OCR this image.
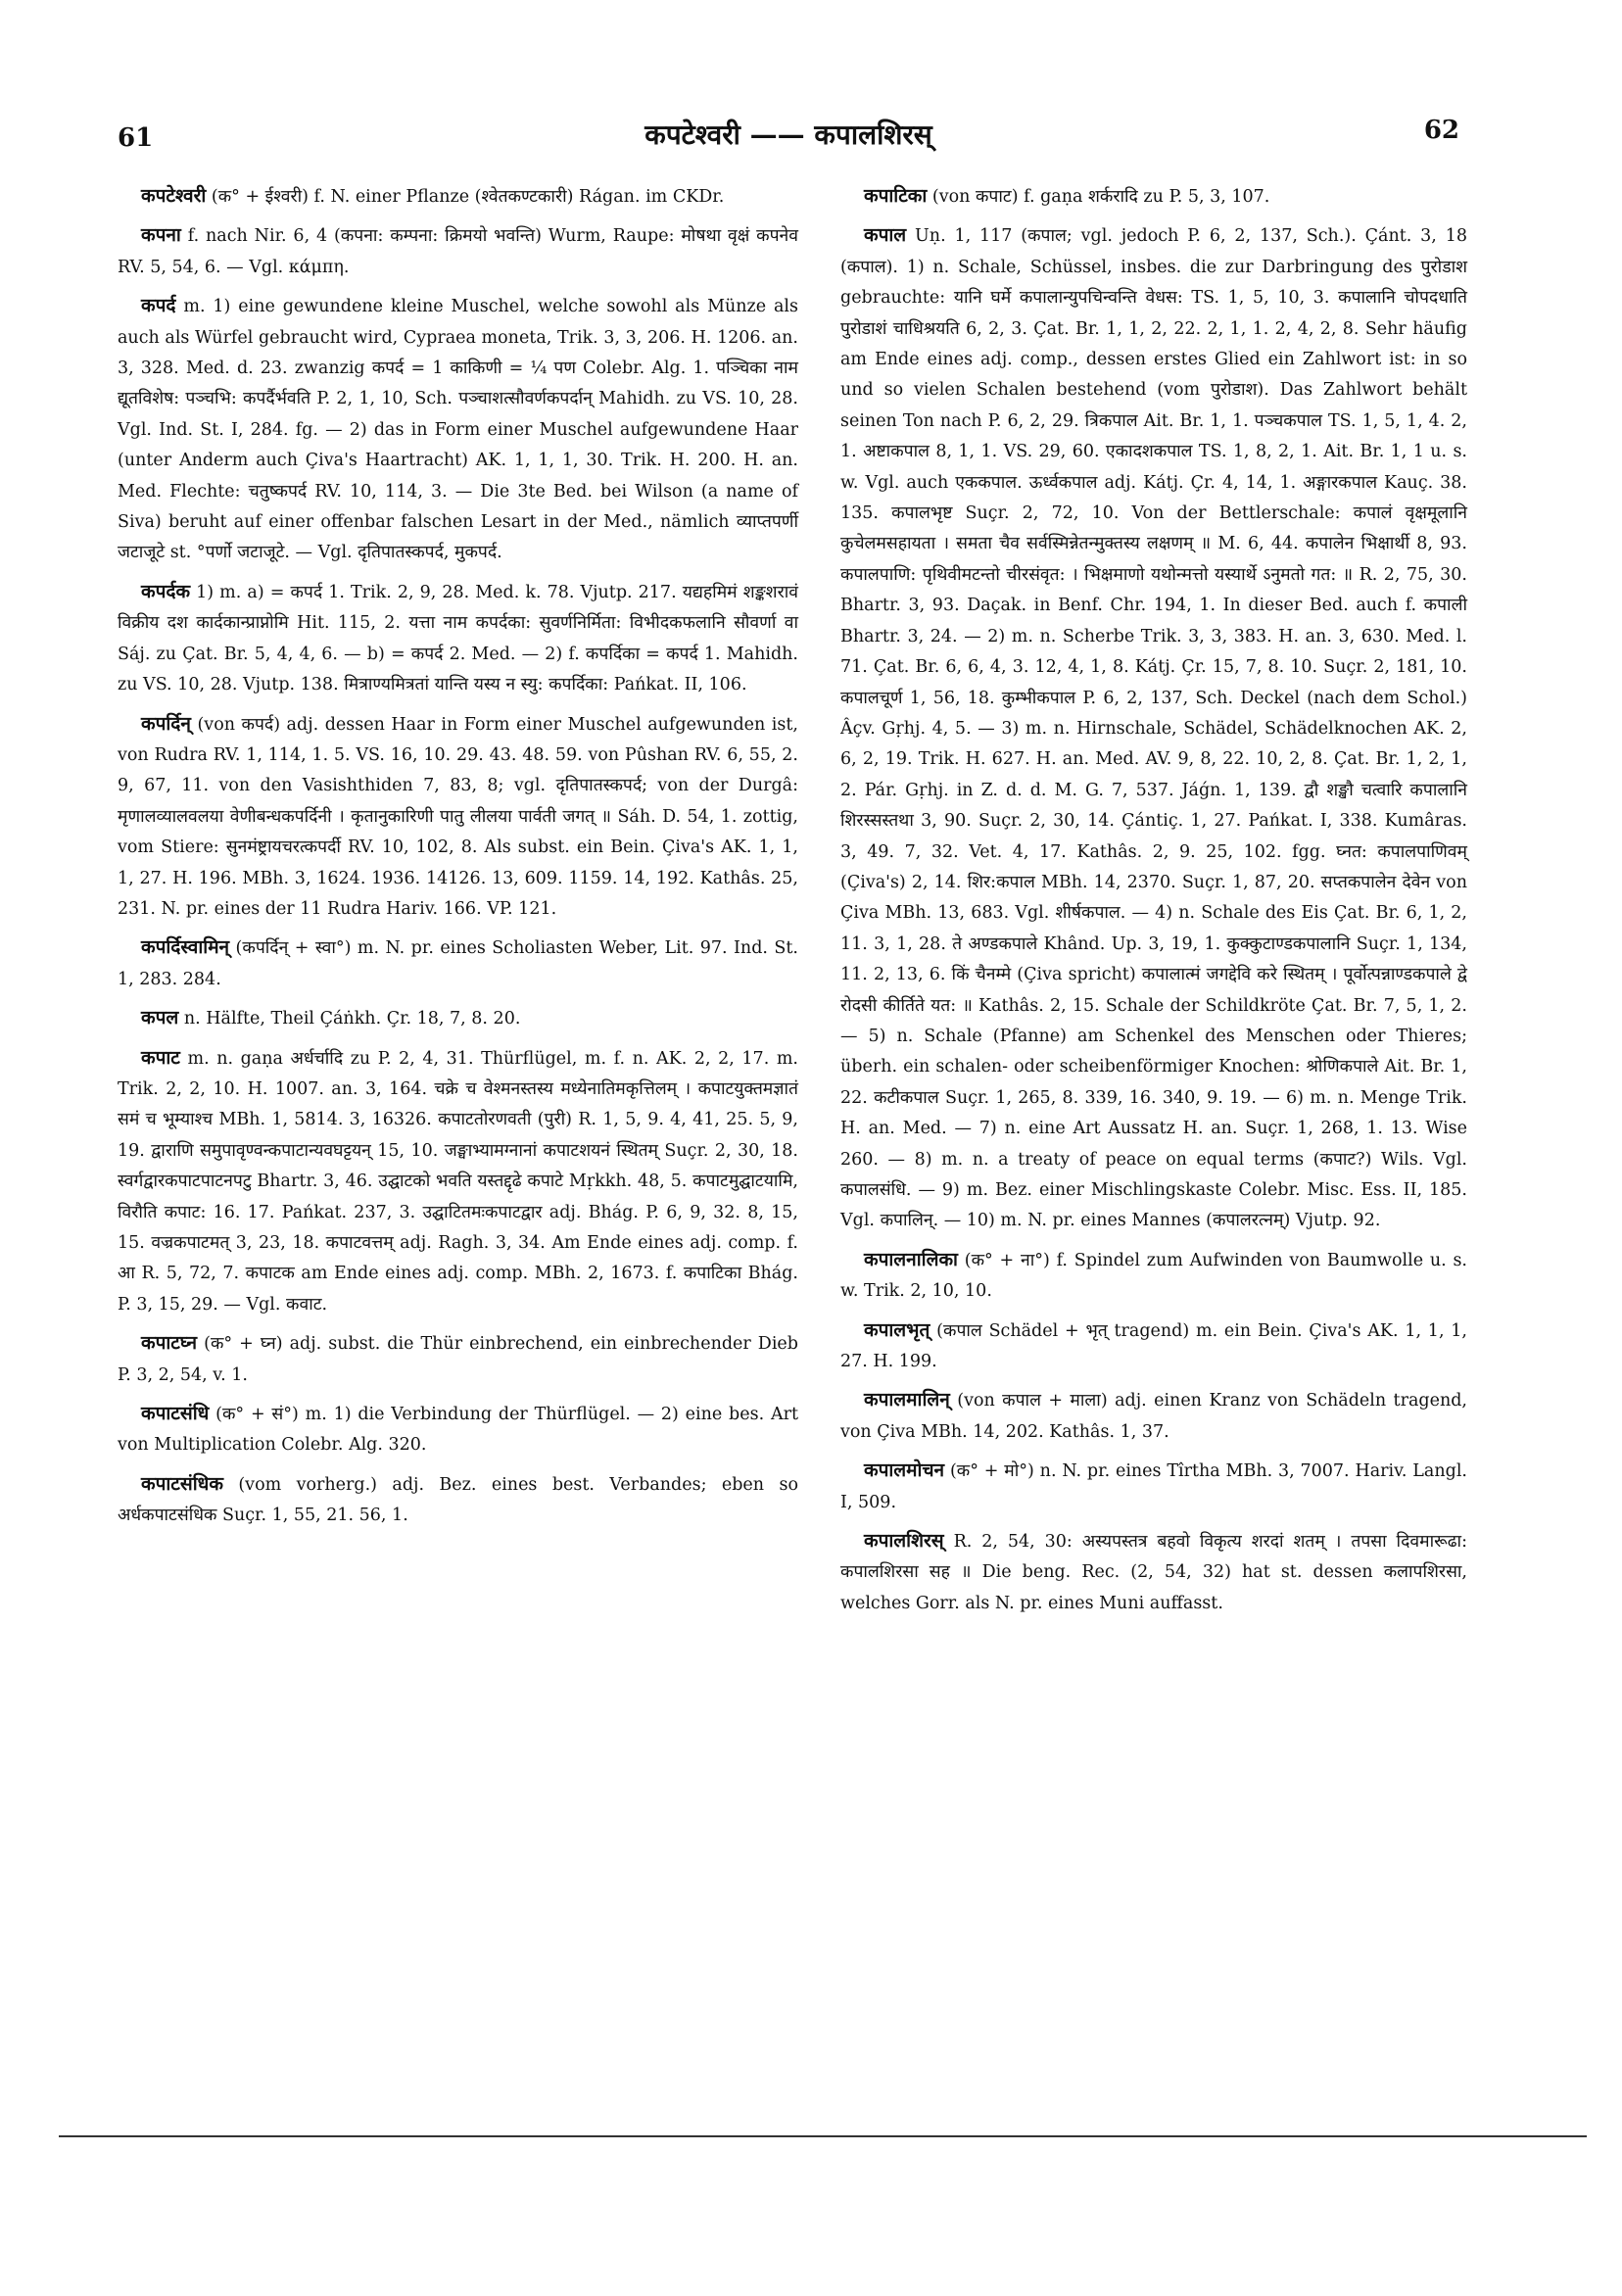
61	कपटेश्वरी —— कपालशिरस्	62

कपटेश्वरी (क° + ईश्वरी) f. N. einer Pflanze (श्वेतकण्टकारी) Rágan. im CKDr.

कपना f. nach Nir. 6, 4 (कपना: कम्पना: क्रिमयो भवन्ति) Wurm, Raupe: मोषथा वृक्षं कपनेव RV. 5, 54, 6. — Vgl. κάμπη.

कपर्द m. 1) eine gewundene kleine Muschel, welche sowohl als Münze als auch als Würfel gebraucht wird, Cypraea moneta, Trik. 3, 3, 206. H. 1206. an. 3, 328. Med. d. 23. zwanzig कपर्द = 1 काकिणी = ¼ पण Colebr. Alg. 1. पञ्चिका नाम द्यूतविशेष: पञ्चभि: कपर्दैर्भवति P. 2, 1, 10, Sch. पञ्चाशत्सौवर्णकपर्दान् Mahidh. zu VS. 10, 28. Vgl. Ind. St. I, 284. fg. — 2) das in Form einer Muschel aufgewundene Haar (unter Anderm auch Çiva's Haartracht) AK. 1, 1, 1, 30. Trik. H. 200. H. an. Med. Flechte: चतुष्कपर्द RV. 10, 114, 3. — Die 3te Bed. bei Wilson (a name of Siva) beruht auf einer offenbar falschen Lesart in der Med., nämlich व्याप्तपर्णी जटाजूटे st. °पर्णो जटाजूटे. — Vgl. दृतिपातस्कपर्द, मुकपर्द.

कपर्दक 1) m. a) = कपर्द 1. Trik. 2, 9, 28. Med. k. 78. Vjutp. 217. यद्यहमिमं शङ्कशरावं विक्रीय दश कार्दकान्प्राप्नोमि Hit. 115, 2. यत्ता नाम कपर्दका: सुवर्णनिर्मिता: विभीदकफलानि सौवर्णा वा Sáj. zu Çat. Br. 5, 4, 4, 6. — b) = कपर्द 2. Med. — 2) f. कपर्दिका = कपर्द 1. Mahidh. zu VS. 10, 28. Vjutp. 138. मित्राण्यमित्रतां यान्ति यस्य न स्यु: कपर्दिका: Pańkat. II, 106.

कपर्दिन् (von कपर्द) adj. dessen Haar in Form einer Muschel aufgewunden ist, von Rudra RV. 1, 114, 1. 5. VS. 16, 10. 29. 43. 48. 59. von Pûshan RV. 6, 55, 2. 9, 67, 11. von den Vasishthiden 7, 83, 8; vgl. दृतिपातस्कपर्द; von der Durgâ: मृणालव्यालवलया वेणीबन्धकपर्दिनी । कृतानुकारिणी पातु लीलया पार्वती जगत् ॥ Sáh. D. 54, 1. zottig, vom Stiere: सुनमंष्ट्रायचरत्कपर्दी RV. 10, 102, 8. Als subst. ein Bein. Çiva's AK. 1, 1, 1, 27. H. 196. MBh. 3, 1624. 1936. 14126. 13, 609. 1159. 14, 192. Kathâs. 25, 231. N. pr. eines der 11 Rudra Hariv. 166. VP. 121.

कपर्दिस्वामिन् (कपर्दिन् + स्वा°) m. N. pr. eines Scholiasten Weber, Lit. 97. Ind. St. 1, 283. 284.

कपल n. Hälfte, Theil Çáṅkh. Çr. 18, 7, 8. 20.

कपाट m. n. gaṇa अर्धर्चादि zu P. 2, 4, 31. Thürflügel, m. f. n. AK. 2, 2, 17. m. Trik. 2, 2, 10. H. 1007. an. 3, 164. चक्रे च वेश्मनस्तस्य मध्येनातिमकृत्तिलम् । कपाटयुक्तमज्ञातं समं च भूम्याश्च MBh. 1, 5814. 3, 16326. कपाटतोरणवती (पुरी) R. 1, 5, 9. 4, 41, 25. 5, 9, 19. द्वाराणि समुपावृण्वन्कपाटान्यवघट्टयन् 15, 10. जङ्घाभ्यामग्नानां कपाटशयनं स्थितम् Suçr. 2, 30, 18. स्वर्गद्वारकपाटपाटनपटु Bhartr. 3, 46. उद्घाटको भवति यस्तद्दृढे कपाटे Mṛkkh. 48, 5. कपाटमुद्घाटयामि, विरौति कपाट: 16. 17. Pańkat. 237, 3. उद्घाटितमःकपाटद्वार adj. Bhág. P. 6, 9, 32. 8, 15, 15. वज्रकपाटमत् 3, 23, 18. कपाटवत्तम् adj. Ragh. 3, 34. Am Ende eines adj. comp. f. आ R. 5, 72, 7. कपाटक am Ende eines adj. comp. MBh. 2, 1673. f. कपाटिका Bhág. P. 3, 15, 29. — Vgl. कवाट.

कपाटघ्न (क° + घ्न) adj. subst. die Thür einbrechend, ein einbrechender Dieb P. 3, 2, 54, v. 1.

कपाटसंधि (क° + सं°) m. 1) die Verbindung der Thürflügel. — 2) eine bes. Art von Multiplication Colebr. Alg. 320.

कपाटसंधिक (vom vorherg.) adj. Bez. eines best. Verbandes; eben so अर्धकपाटसंधिक Suçr. 1, 55, 21. 56, 1.

कपाटिका (von कपाट) f. gaṇa शर्करादि zu P. 5, 3, 107.

कपाल Uṇ. 1, 117 (कपाल; vgl. jedoch P. 6, 2, 137, Sch.). Çánt. 3, 18 (कपाल). 1) n. Schale, Schüssel, insbes. die zur Darbringung des पुरोडाश gebrauchte: यानि घर्मे कपालान्युपचिन्वन्ति वेधस: TS. 1, 5, 10, 3. कपालानि चोपदधाति पुरोडाशं चाधिश्रयति 6, 2, 3. Çat. Br. 1, 1, 2, 22. 2, 1, 1. 2, 4, 2, 8. Sehr häufig am Ende eines adj. comp., dessen erstes Glied ein Zahlwort ist: in so und so vielen Schalen bestehend (vom पुरोडाश). Das Zahlwort behält seinen Ton nach P. 6, 2, 29. त्रिकपाल Ait. Br. 1, 1. पञ्चकपाल TS. 1, 5, 1, 4. 2, 1. अष्टाकपाल 8, 1, 1. VS. 29, 60. एकादशकपाल TS. 1, 8, 2, 1. Ait. Br. 1, 1 u. s. w. Vgl. auch एककपाल. ऊर्ध्वकपाल adj. Kátj. Çr. 4, 14, 1. अङ्गारकपाल Kauç. 38. 135. कपालभृष्ट Suçr. 2, 72, 10. Von der Bettlerschale: कपालं वृक्षमूलानि कुचेलमसहायता । समता चैव सर्वस्मिन्नेतन्मुक्तस्य लक्षणम् ॥ M. 6, 44. कपालेन भिक्षार्थी 8, 93. कपालपाणि: पृथिवीमटन्तो चीरसंवृत: । भिक्षमाणो यथोन्मत्तो यस्यार्थे ऽनुमतो गत: ॥ R. 2, 75, 30. Bhartr. 3, 93. Daçak. in Benf. Chr. 194, 1. In dieser Bed. auch f. कपाली Bhartr. 3, 24. — 2) m. n. Scherbe Trik. 3, 3, 383. H. an. 3, 630. Med. l. 71. Çat. Br. 6, 6, 4, 3. 12, 4, 1, 8. Kátj. Çr. 15, 7, 8. 10. Suçr. 2, 181, 10. कपालचूर्ण 1, 56, 18. कुम्भीकपाल P. 6, 2, 137, Sch. Deckel (nach dem Schol.) Âçv. Gṛhj. 4, 5. — 3) m. n. Hirnschale, Schädel, Schädelknochen AK. 2, 6, 2, 19. Trik. H. 627. H. an. Med. AV. 9, 8, 22. 10, 2, 8. Çat. Br. 1, 2, 1, 2. Pár. Gṛhj. in Z. d. d. M. G. 7, 537. Jáǵn. 1, 139. द्वौ शङ्खौ चत्वारि कपालानि शिरस्सस्तथा 3, 90. Suçr. 2, 30, 14. Çántiç. 1, 27. Pańkat. I, 338. Kumâras. 3, 49. 7, 32. Vet. 4, 17. Kathâs. 2, 9. 25, 102. fgg. घ्नत: कपालपाणिवम् (Çiva's) 2, 14. शिर:कपाल MBh. 14, 2370. Suçr. 1, 87, 20. सप्तकपालेन देवेन von Çiva MBh. 13, 683. Vgl. शीर्षकपाल. — 4) n. Schale des Eis Çat. Br. 6, 1, 2, 11. 3, 1, 28. ते अण्डकपाले Khând. Up. 3, 19, 1. कुक्कुटाण्डकपालानि Suçr. 1, 134, 11. 2, 13, 6. किं चैनम्मे (Çiva spricht) कपालात्मं जगद्देवि करे स्थितम् । पूर्वोत्पन्नाण्डकपाले द्वे रोदसी कीर्तिते यत: ॥ Kathâs. 2, 15. Schale der Schildkröte Çat. Br. 7, 5, 1, 2. — 5) n. Schale (Pfanne) am Schenkel des Menschen oder Thieres; überh. ein schalen- oder scheibenförmiger Knochen: श्रोणिकपाले Ait. Br. 1, 22. कटीकपाल Suçr. 1, 265, 8. 339, 16. 340, 9. 19. — 6) m. n. Menge Trik. H. an. Med. — 7) n. eine Art Aussatz H. an. Suçr. 1, 268, 1. 13. Wise 260. — 8) m. n. a treaty of peace on equal terms (कपाट?) Wils. Vgl. कपालसंधि. — 9) m. Bez. einer Mischlingskaste Colebr. Misc. Ess. II, 185. Vgl. कपालिन्. — 10) m. N. pr. eines Mannes (कपालरत्नम्) Vjutp. 92.

कपालनालिका (क° + ना°) f. Spindel zum Aufwinden von Baumwolle u. s. w. Trik. 2, 10, 10.

कपालभृत् (कपाल Schädel + भृत् tragend) m. ein Bein. Çiva's AK. 1, 1, 1, 27. H. 199.

कपालमालिन् (von कपाल + माला) adj. einen Kranz von Schädeln tragend, von Çiva MBh. 14, 202. Kathâs. 1, 37.

कपालमोचन (क° + मो°) n. N. pr. eines Tîrtha MBh. 3, 7007. Hariv. Langl. I, 509.

कपालशिरस् R. 2, 54, 30: अस्यपस्तत्र बहवो विकृत्य शरदां शतम् । तपसा दिवमारूढा: कपालशिरसा सह ॥ Die beng. Rec. (2, 54, 32) hat st. dessen कलापशिरसा, welches Gorr. als N. pr. eines Muni auffasst.
